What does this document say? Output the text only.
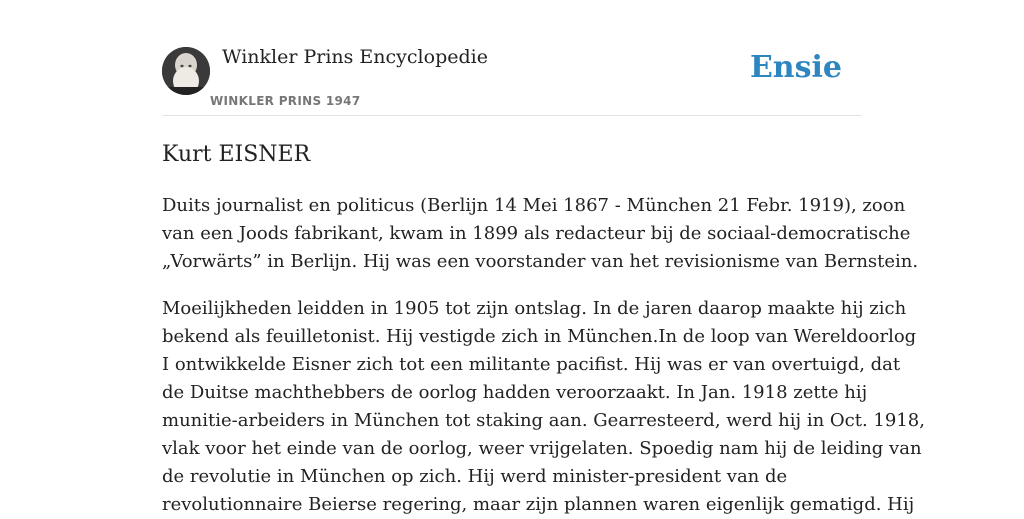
Winkler Prins Encyclopedie
WINKLER PRINS 1947
Ensie
Kurt EISNER
Duits journalist en politicus (Berlijn 14 Mei 1867 - München 21 Febr. 1919), zoon
van een Joods fabrikant, kwam in 1899 als redacteur bij de sociaal-democratische
„Vorwärts” in Berlijn. Hij was een voorstander van het revisionisme van Bernstein.
Moeilijkheden leidden in 1905 tot zijn ontslag. In de jaren daarop maakte hij zich
bekend als feuilletonist. Hij vestigde zich in München.In de loop van Wereldoorlog
I ontwikkelde Eisner zich tot een militante pacifist. Hij was er van overtuigd, dat
de Duitse machthebbers de oorlog hadden veroorzaakt. In Jan. 1918 zette hij
munitie-arbeiders in München tot staking aan. Gearresteerd, werd hij in Oct. 1918,
vlak voor het einde van de oorlog, weer vrijgelaten. Spoedig nam hij de leiding van
de revolutie in München op zich. Hij werd minister-president van de
revolutionnaire Beierse regering, maar zijn plannen waren eigenlijk gematigd. Hij
